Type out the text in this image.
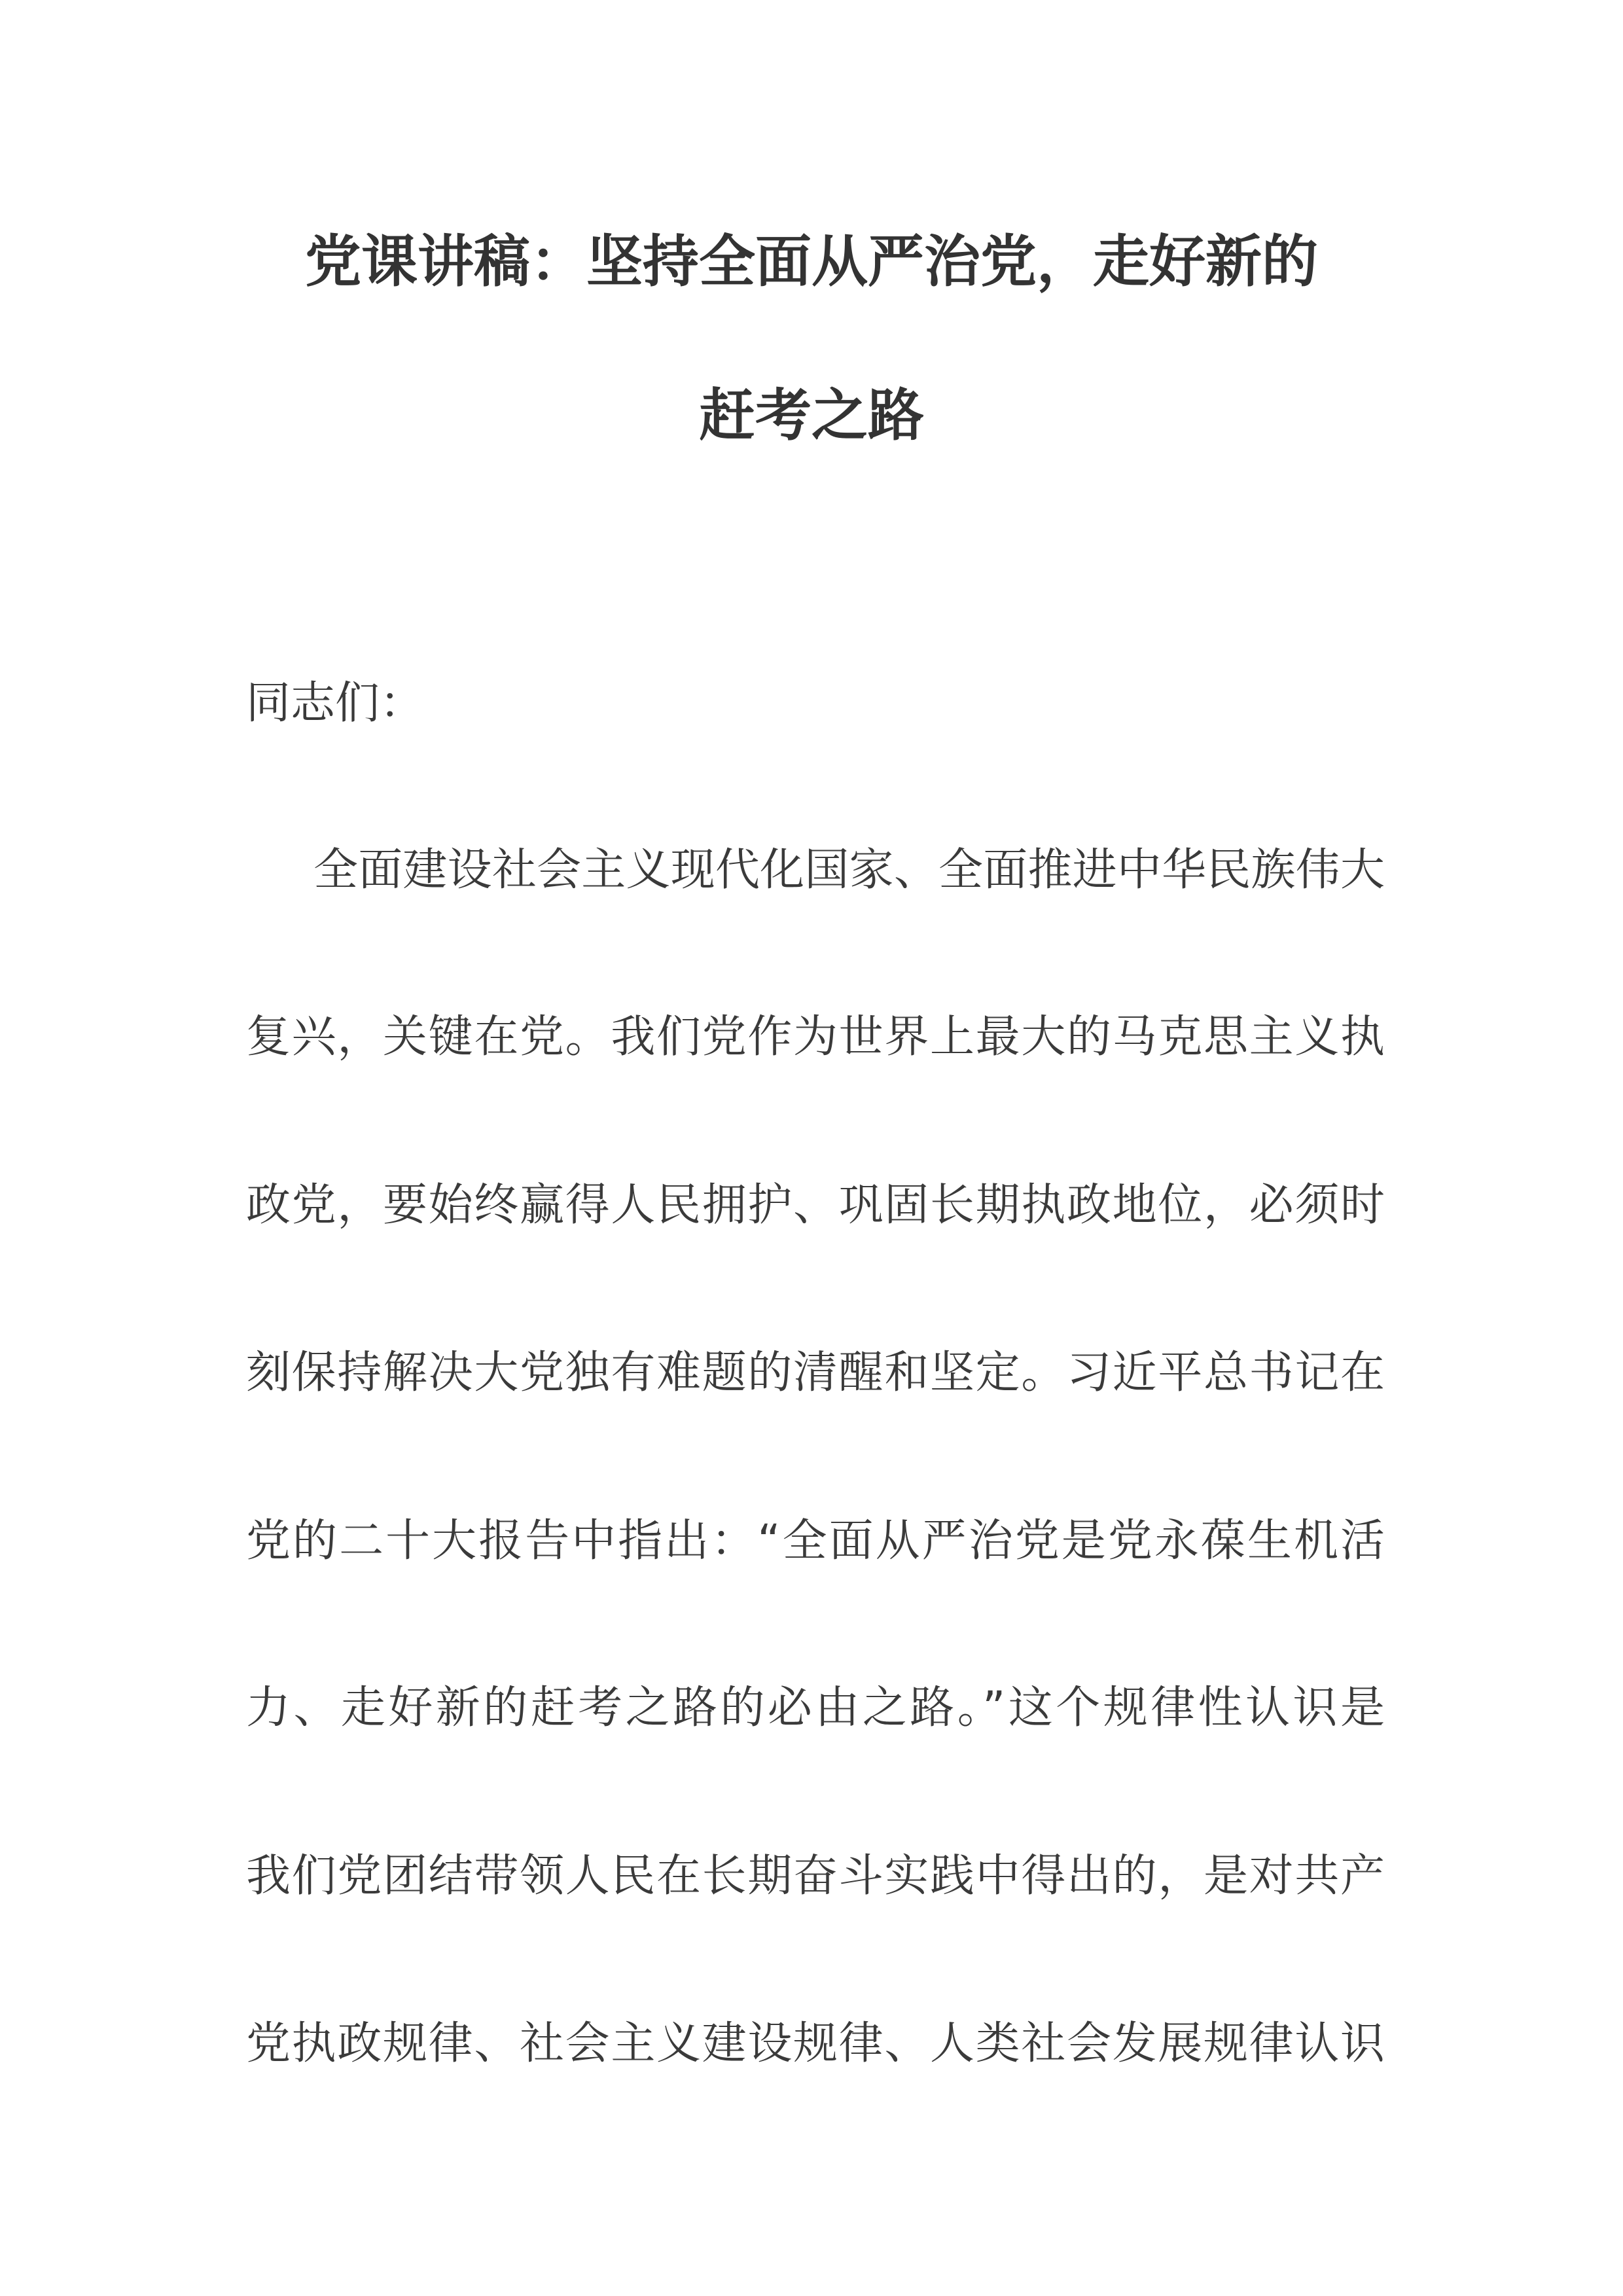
党课讲稿：坚持全面从严治党，走好新的
赶考之路
同志们：
全面建设社会主义现代化国家、全面推进中华民族伟大
复兴，关键在党。我们党作为世界上最大的马克思主义执
政党，要始终赢得人民拥护、巩固长期执政地位，必须时
刻保持解决大党独有难题的清醒和坚定。习近平总书记在
党的二十大报告中指出：“全面从严治党是党永葆生机活
力、走好新的赶考之路的必由之路。”这个规律性认识是
我们党团结带领人民在长期奋斗实践中得出的，是对共产
党执政规律、社会主义建设规律、人类社会发展规律认识
